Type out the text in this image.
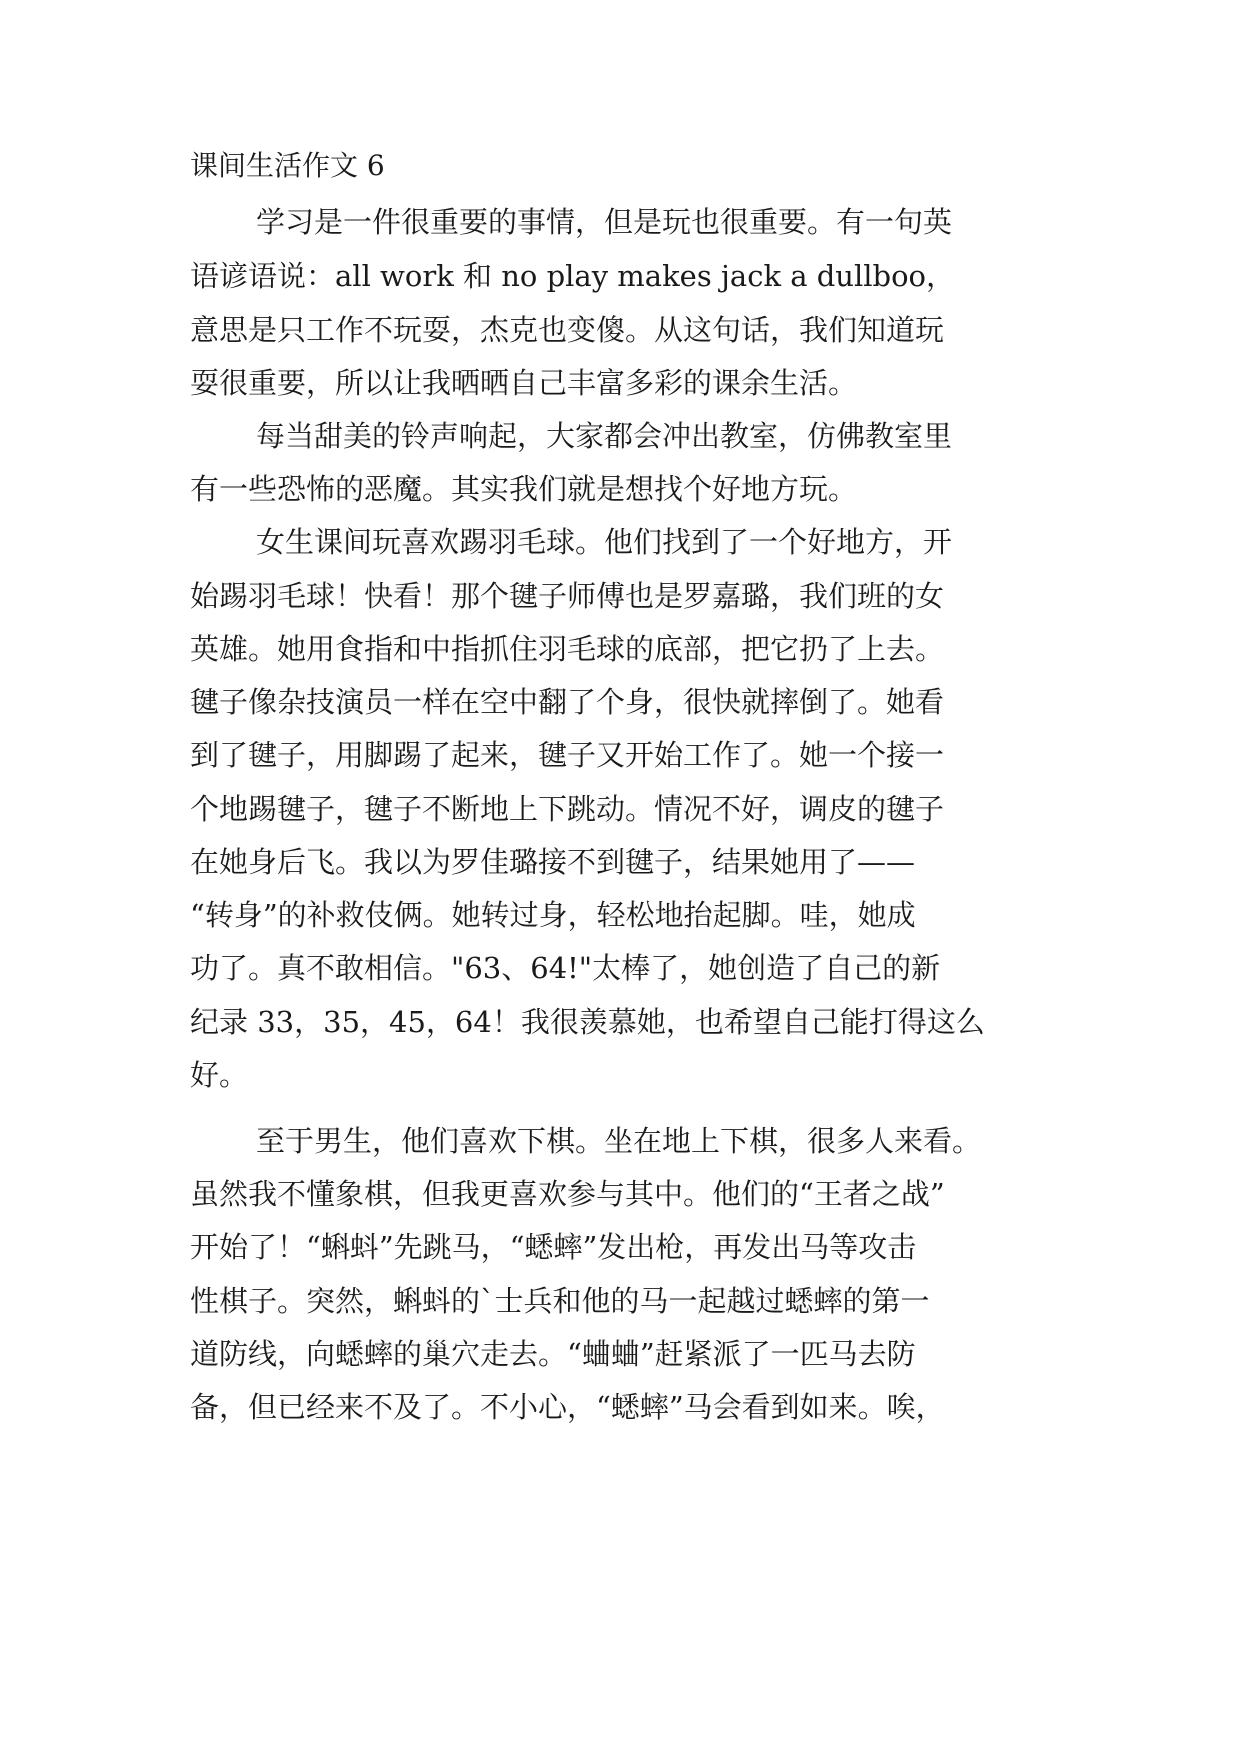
课间生活作文 6

学习是一件很重要的事情，但是玩也很重要。有一句英

语谚语说：all work 和 no play makes jack a dullboo，

意思是只工作不玩耍，杰克也变傻。从这句话，我们知道玩

耍很重要，所以让我晒晒自己丰富多彩的课余生活。

每当甜美的铃声响起，大家都会冲出教室，仿佛教室里

有一些恐怖的恶魔。其实我们就是想找个好地方玩。

女生课间玩喜欢踢羽毛球。他们找到了一个好地方，开

始踢羽毛球！快看！那个毽子师傅也是罗嘉璐，我们班的女

英雄。她用食指和中指抓住羽毛球的底部，把它扔了上去。

毽子像杂技演员一样在空中翻了个身，很快就摔倒了。她看

到了毽子，用脚踢了起来，毽子又开始工作了。她一个接一

个地踢毽子，毽子不断地上下跳动。情况不好，调皮的毽子

在她身后飞。我以为罗佳璐接不到毽子，结果她用了——

“转身”的补救伎俩。她转过身，轻松地抬起脚。哇，她成

功了。真不敢相信。"63、64!"太棒了，她创造了自己的新

纪录 33，35，45，64！我很羡慕她，也希望自己能打得这么

好。

至于男生，他们喜欢下棋。坐在地上下棋，很多人来看。

虽然我不懂象棋，但我更喜欢参与其中。他们的“王者之战”

开始了！“蝌蚪”先跳马，“蟋蟀”发出枪，再发出马等攻击

性棋子。突然，蝌蚪的`士兵和他的马一起越过蟋蟀的第一

道防线，向蟋蟀的巢穴走去。“蛐蛐”赶紧派了一匹马去防

备，但已经来不及了。不小心，“蟋蟀”马会看到如来。唉，
